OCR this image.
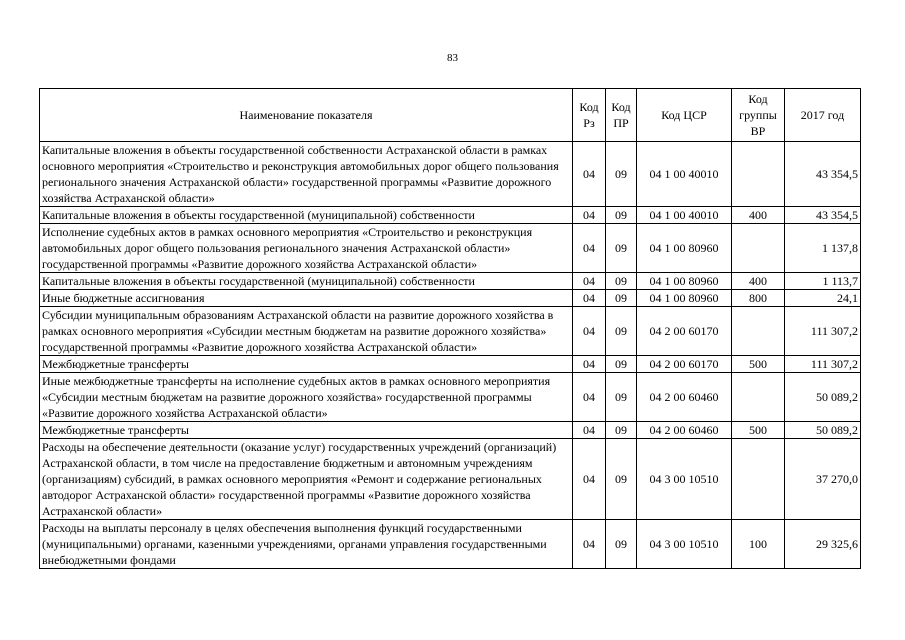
83
Наименование показателя	Код Рз	Код ПР	Код ЦСР	Код группы ВР	2017 год
Капитальные вложения в объекты государственной собственности Астраханской области в рамках основного мероприятия «Строительство и реконструкция автомобильных дорог общего пользования регионального значения Астраханской области» государственной программы «Развитие дорожного хозяйства Астраханской области»	04	09	04 1 00 40010		43 354,5
Капитальные вложения в объекты государственной (муниципальной) собственности	04	09	04 1 00 40010	400	43 354,5
Исполнение судебных актов в рамках основного мероприятия «Строительство и реконструкция автомобильных дорог общего пользования регионального значения Астраханской области» государственной программы «Развитие дорожного хозяйства Астраханской области»	04	09	04 1 00 80960		1 137,8
Капитальные вложения в объекты государственной (муниципальной) собственности	04	09	04 1 00 80960	400	1 113,7
Иные бюджетные ассигнования	04	09	04 1 00 80960	800	24,1
Субсидии муниципальным образованиям Астраханской области на развитие дорожного хозяйства в рамках основного мероприятия «Субсидии местным бюджетам на развитие дорожного хозяйства» государственной программы «Развитие дорожного хозяйства Астраханской области»	04	09	04 2 00 60170		111 307,2
Межбюджетные трансферты	04	09	04 2 00 60170	500	111 307,2
Иные межбюджетные трансферты на исполнение судебных актов в рамках основного мероприятия «Субсидии местным бюджетам на развитие дорожного хозяйства» государственной программы «Развитие дорожного хозяйства Астраханской области»	04	09	04 2 00 60460		50 089,2
Межбюджетные трансферты	04	09	04 2 00 60460	500	50 089,2
Расходы на обеспечение деятельности (оказание услуг) государственных учреждений (организаций) Астраханской области, в том числе на предоставление бюджетным и автономным учреждениям (организациям) субсидий, в рамках основного мероприятия «Ремонт и содержание региональных автодорог Астраханской области» государственной программы «Развитие дорожного хозяйства Астраханской области»	04	09	04 3 00 10510		37 270,0
Расходы на выплаты персоналу в целях обеспечения выполнения функций государственными (муниципальными) органами, казенными учреждениями, органами управления государственными внебюджетными фондами	04	09	04 3 00 10510	100	29 325,6
